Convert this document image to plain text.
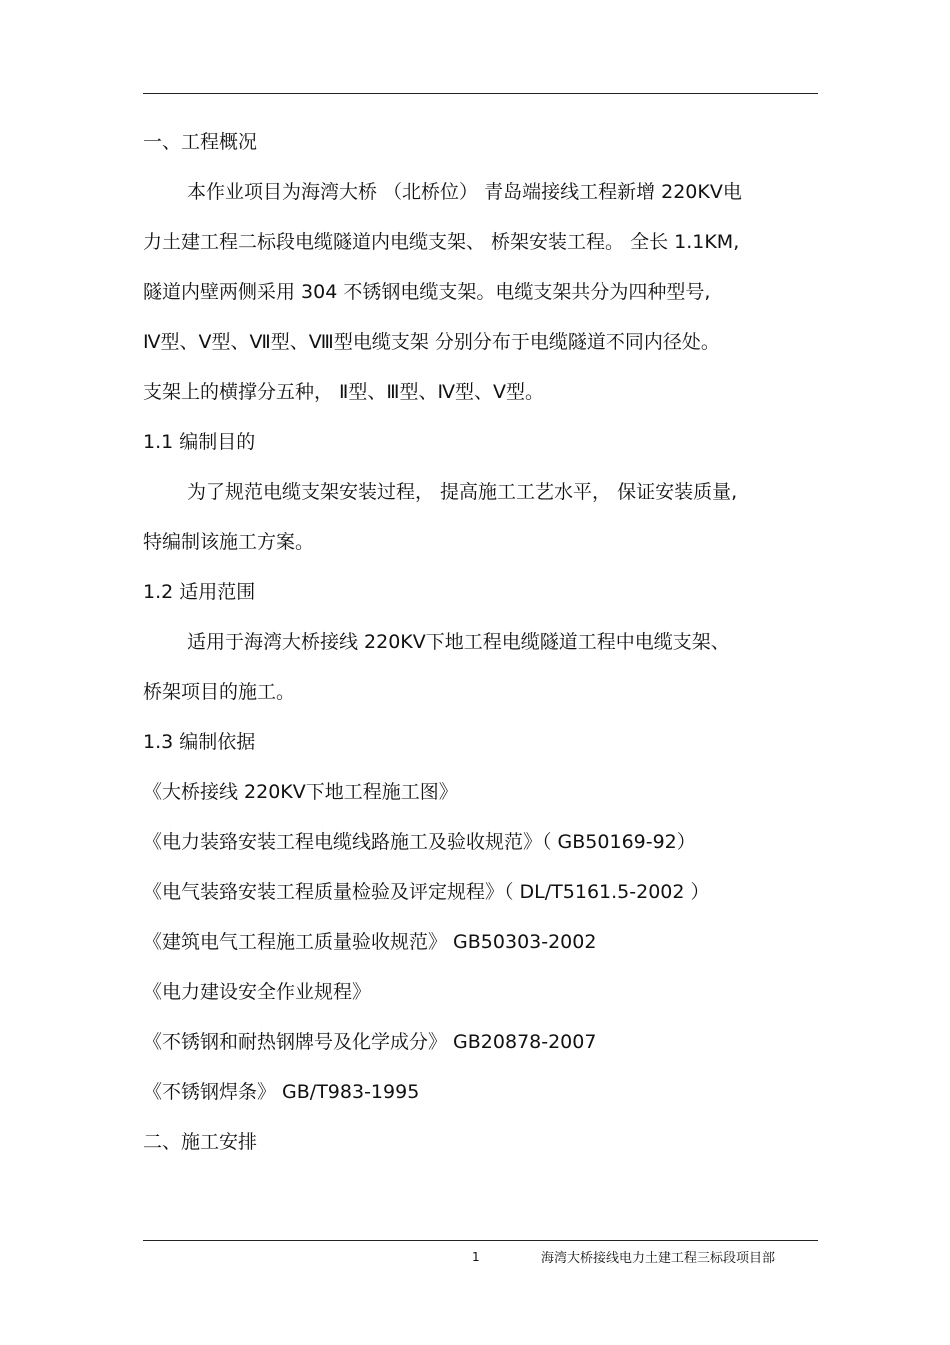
一、工程概况
本作业项目为海湾大桥 （北桥位） 青岛端接线工程新增 220KV电
力土建工程二标段电缆隧道内电缆支架、 桥架安装工程。 全长 1.1KM,
隧道内壁两侧采用 304 不锈钢电缆支架。电缆支架共分为四种型号,
Ⅳ型、Ⅴ型、Ⅶ型、Ⅷ型电缆支架 分别分布于电缆隧道不同内径处。
支架上的横撑分五种， Ⅱ型、Ⅲ型、Ⅳ型、Ⅴ型。
1.1 编制目的
为了规范电缆支架安装过程， 提高施工工艺水平， 保证安装质量,
特编制该施工方案。
1.2 适用范围
适用于海湾大桥接线 220KV下地工程电缆隧道工程中电缆支架、
桥架项目的施工。
1.3 编制依据
《大桥接线 220KV下地工程施工图》
《电力装臵安装工程电缆线路施工及验收规范》（ GB50169-92）
《电气装臵安装工程质量检验及评定规程》（ DL/T5161.5-2002 ）
《建筑电气工程施工质量验收规范》 GB50303-2002
《电力建设安全作业规程》
《不锈钢和耐热钢牌号及化学成分》 GB20878-2007
《不锈钢焊条》 GB/T983-1995
二、施工安排
1	海湾大桥接线电力土建工程三标段项目部
